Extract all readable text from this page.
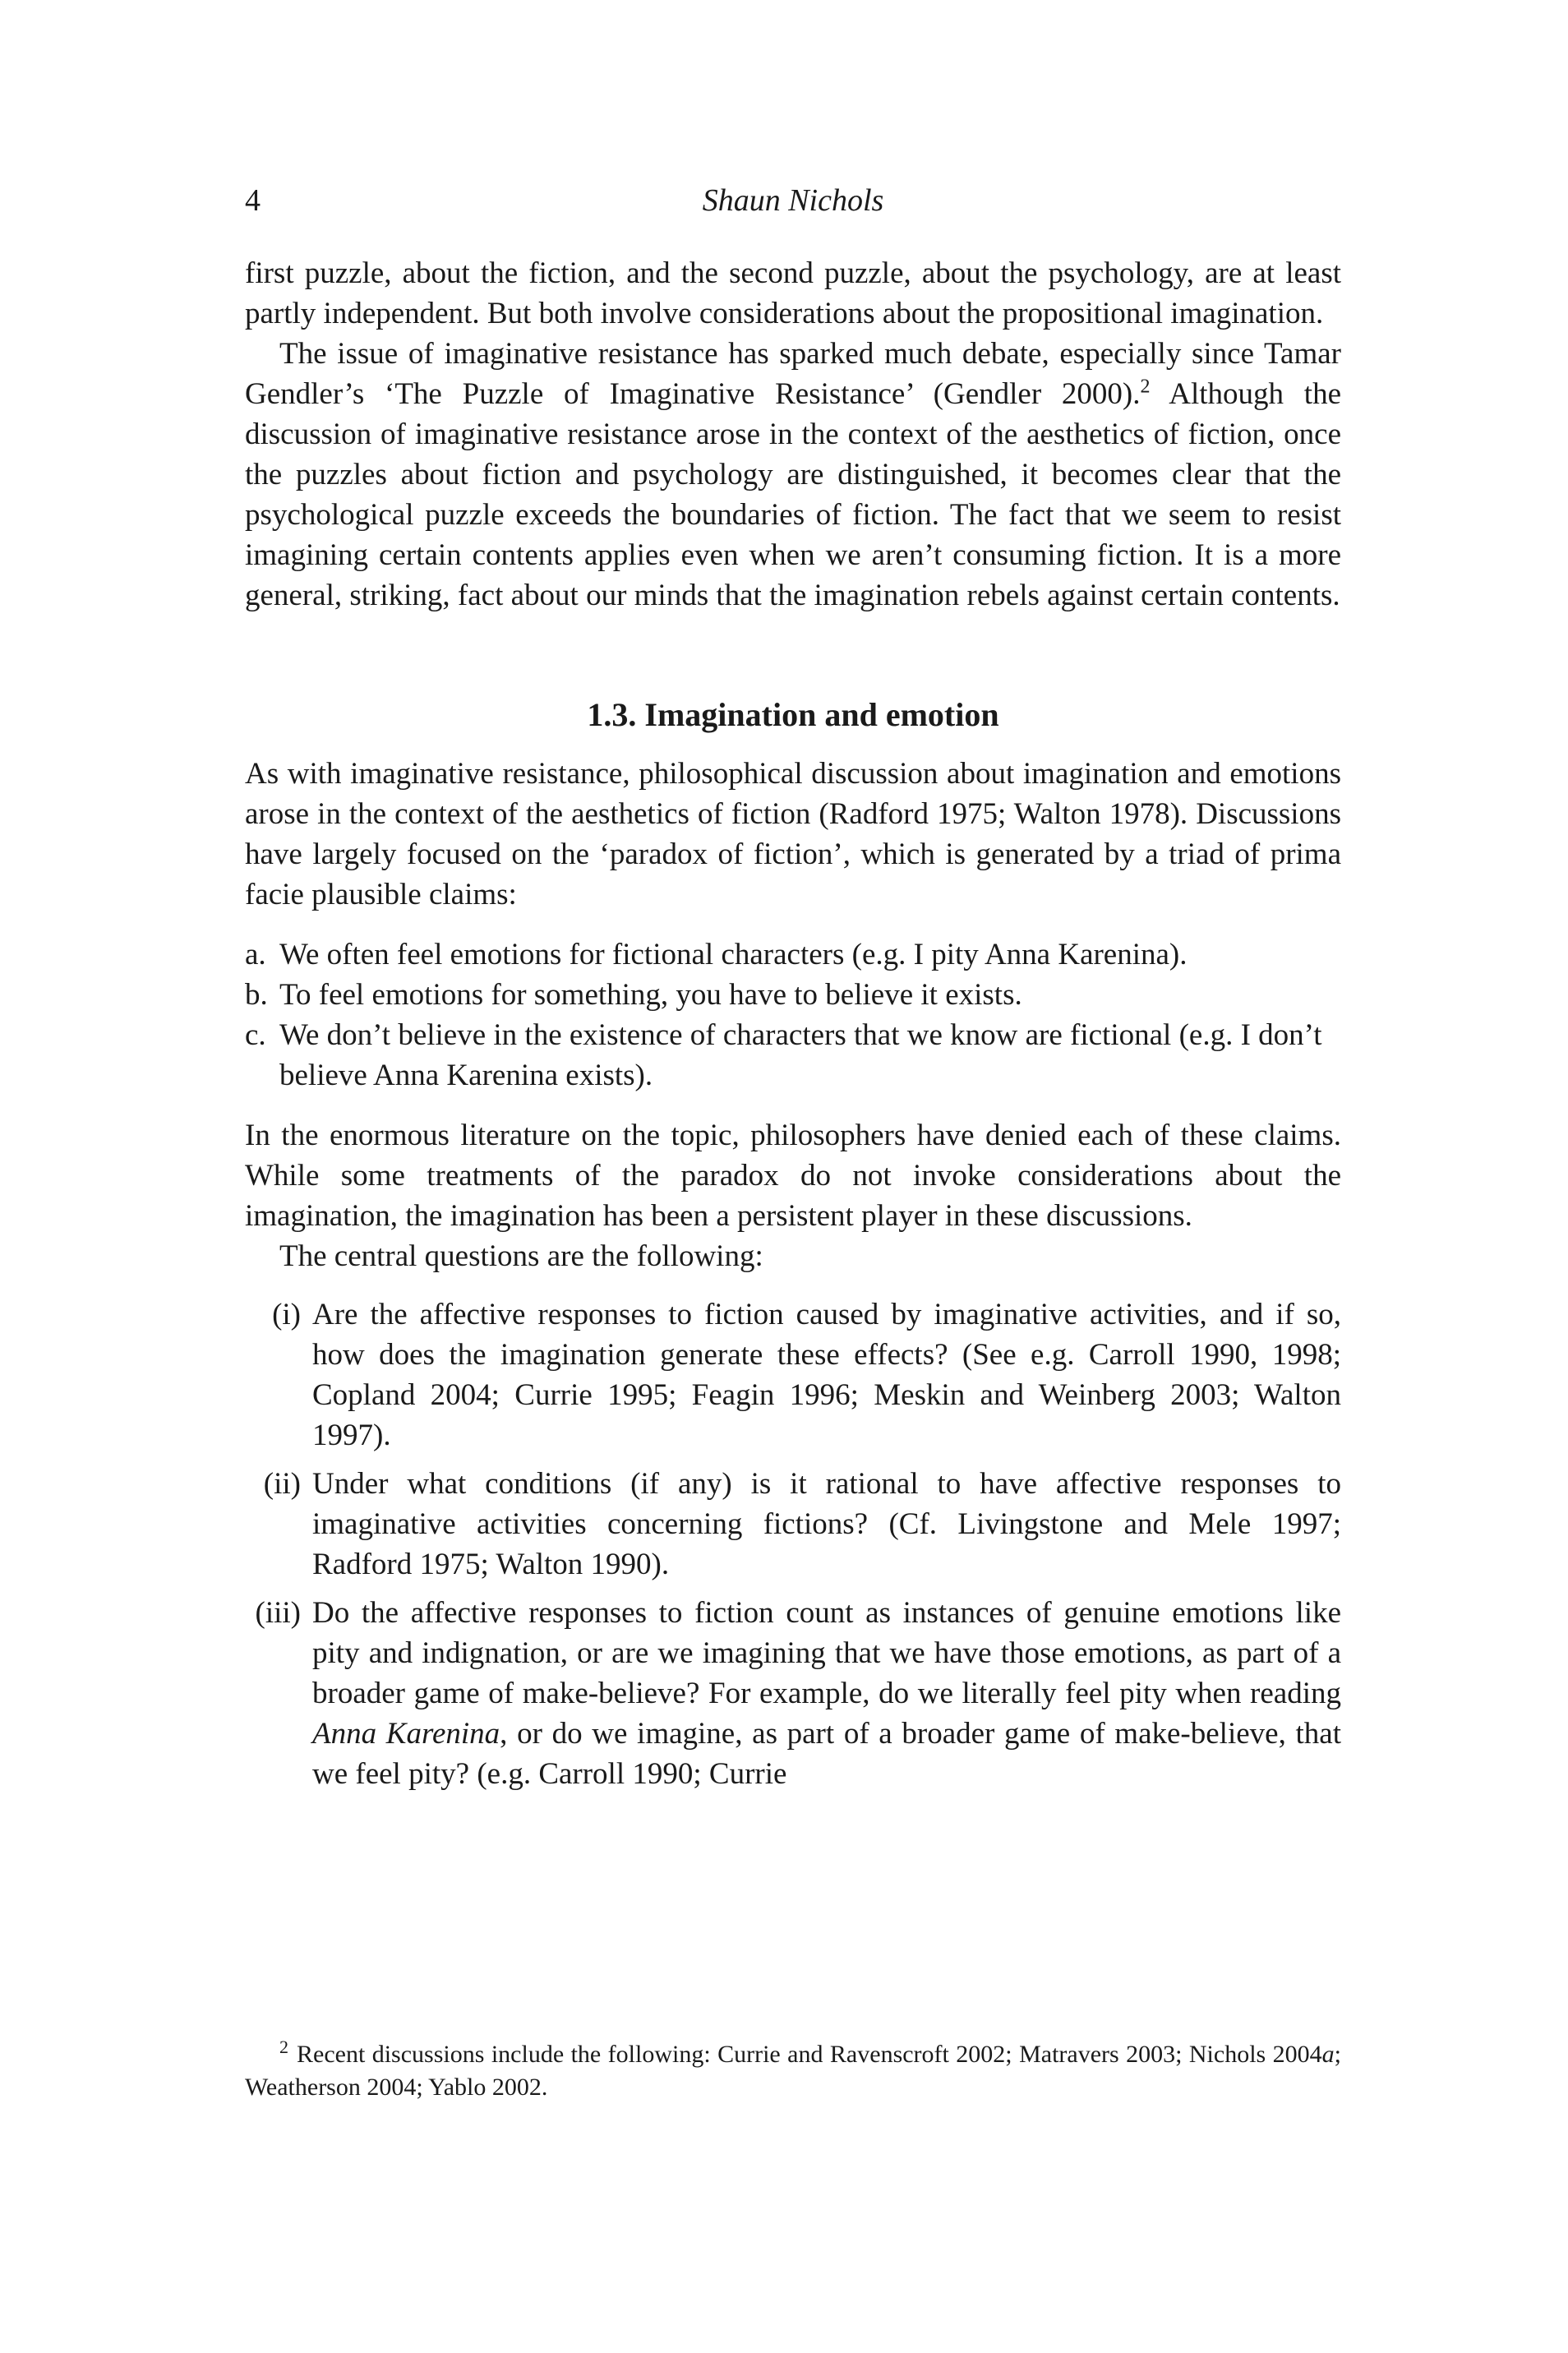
4	Shaun Nichols

first puzzle, about the fiction, and the second puzzle, about the psychology, are at least partly independent. But both involve considerations about the propositional imagination.

The issue of imaginative resistance has sparked much debate, especially since Tamar Gendler’s ‘The Puzzle of Imaginative Resistance’ (Gendler 2000).$^2$ Although the discussion of imaginative resistance arose in the context of the aesthetics of fiction, once the puzzles about fiction and psychology are distinguished, it becomes clear that the psychological puzzle exceeds the boundaries of fiction. The fact that we seem to resist imagining certain contents applies even when we aren’t consuming fiction. It is a more general, striking, fact about our minds that the imagination rebels against certain contents.

1.3. Imagination and emotion

As with imaginative resistance, philosophical discussion about imagination and emotions arose in the context of the aesthetics of fiction (Radford 1975; Walton 1978). Discussions have largely focused on the ‘paradox of fiction’, which is generated by a triad of prima facie plausible claims:

a. We often feel emotions for fictional characters (e.g. I pity Anna Karenina).
b. To feel emotions for something, you have to believe it exists.
c. We don’t believe in the existence of characters that we know are fictional (e.g. I don’t believe Anna Karenina exists).

In the enormous literature on the topic, philosophers have denied each of these claims. While some treatments of the paradox do not invoke considerations about the imagination, the imagination has been a persistent player in these discussions.

The central questions are the following:

(i) Are the affective responses to fiction caused by imaginative activities, and if so, how does the imagination generate these effects? (See e.g. Carroll 1990, 1998; Copland 2004; Currie 1995; Feagin 1996; Meskin and Weinberg 2003; Walton 1997).
(ii) Under what conditions (if any) is it rational to have affective responses to imaginative activities concerning fictions? (Cf. Livingstone and Mele 1997; Radford 1975; Walton 1990).
(iii) Do the affective responses to fiction count as instances of genuine emotions like pity and indignation, or are we imagining that we have those emotions, as part of a broader game of make-believe? For example, do we literally feel pity when reading Anna Karenina, or do we imagine, as part of a broader game of make-believe, that we feel pity? (e.g. Carroll 1990; Currie
$^2$ Recent discussions include the following: Currie and Ravenscroft 2002; Matravers 2003; Nichols 2004a; Weatherson 2004; Yablo 2002.
